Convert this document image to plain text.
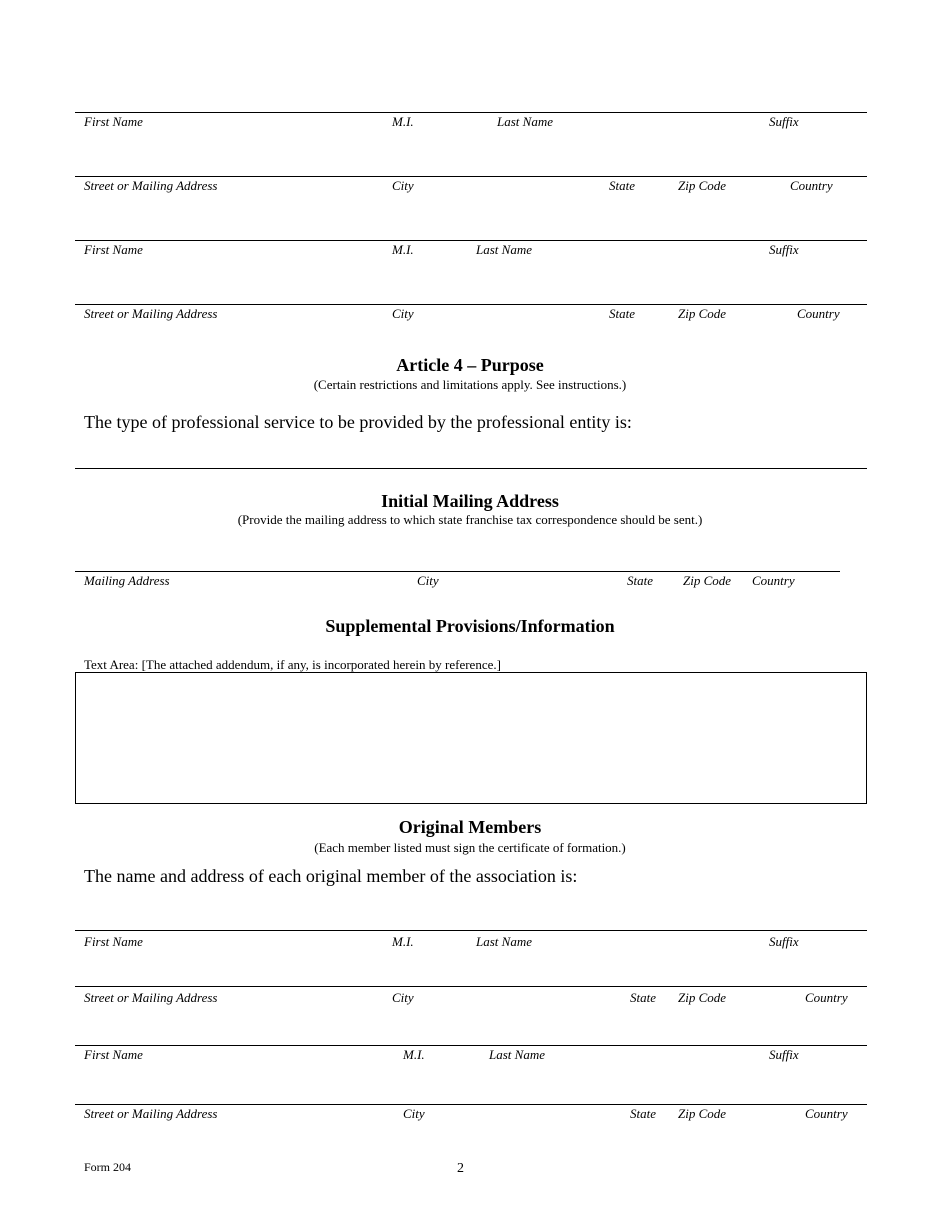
First Name	M.I.	Last Name	Suffix
Street or Mailing Address	City	State	Zip Code	Country
First Name	M.I.	Last Name	Suffix
Street or Mailing Address	City	State	Zip Code	Country
Article 4 – Purpose
(Certain restrictions and limitations apply. See instructions.)
The type of professional service to be provided by the professional entity is:
Initial Mailing Address
(Provide the mailing address to which state franchise tax correspondence should be sent.)
Mailing Address	City	State Zip Code Country
Supplemental Provisions/Information
Text Area: [The attached addendum, if any, is incorporated herein by reference.]
Original Members
(Each member listed must sign the certificate of formation.)
The name and address of each original member of the association is:
First Name	M.I.	Last Name	Suffix
Street or Mailing Address	City	State Zip Code	Country
First Name	M.I.	Last Name	Suffix
Street or Mailing Address	City	State Zip Code	Country
Form 204	2
